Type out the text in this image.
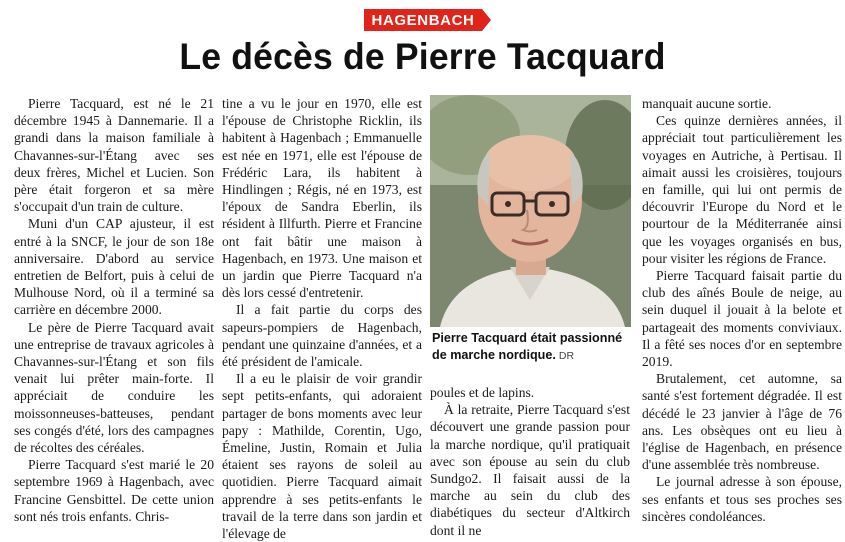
HAGENBACH
Le décès de Pierre Tacquard

Pierre Tacquard, est né le 21 décembre 1945 à Dannemarie. Il a grandi dans la maison familiale à Chavannes-sur-l'Étang avec ses deux frères, Michel et Lucien. Son père était forgeron et sa mère s'occupait d'un train de culture.

Muni d'un CAP ajusteur, il est entré à la SNCF, le jour de son 18e anniversaire. D'abord au service entretien de Belfort, puis à celui de Mulhouse Nord, où il a terminé sa carrière en décembre 2000.

Le père de Pierre Tacquard avait une entreprise de travaux agricoles à Chavannes-sur-l'Étang et son fils venait lui prêter main-forte. Il appréciait de conduire les moissonneuses-batteuses, pendant ses congés d'été, lors des campagnes de récoltes des céréales.

Pierre Tacquard s'est marié le 20 septembre 1969 à Hagenbach, avec Francine Gensbittel. De cette union sont nés trois enfants. Chris-

tine a vu le jour en 1970, elle est l'épouse de Christophe Ricklin, ils habitent à Hagenbach ; Emmanuelle est née en 1971, elle est l'épouse de Frédéric Lara, ils habitent à Hindlingen ; Régis, né en 1973, est l'époux de Sandra Eberlin, ils résident à Illfurth. Pierre et Francine ont fait bâtir une maison à Hagenbach, en 1973. Une maison et un jardin que Pierre Tacquard n'a dès lors cessé d'entretenir.

Il a fait partie du corps des sapeurs-pompiers de Hagenbach, pendant une quinzaine d'années, et a été président de l'amicale.

Il a eu le plaisir de voir grandir sept petits-enfants, qui adoraient partager de bons moments avec leur papy : Mathilde, Corentin, Ugo, Émeline, Justin, Romain et Julia étaient ses rayons de soleil au quotidien. Pierre Tacquard aimait apprendre à ses petits-enfants le travail de la terre dans son jardin et l'élevage de

Pierre Tacquard était passionné de marche nordique. DR

poules et de lapins.

À la retraite, Pierre Tacquard s'est découvert une grande passion pour la marche nordique, qu'il pratiquait avec son épouse au sein du club Sundgo2. Il faisait aussi de la marche au sein du club des diabétiques du secteur d'Altkirch dont il ne

manquait aucune sortie.

Ces quinze dernières années, il appréciait tout particulièrement les voyages en Autriche, à Pertisau. Il aimait aussi les croisières, toujours en famille, qui lui ont permis de découvrir l'Europe du Nord et le pourtour de la Méditerranée ainsi que les voyages organisés en bus, pour visiter les régions de France.

Pierre Tacquard faisait partie du club des aînés Boule de neige, au sein duquel il jouait à la belote et partageait des moments conviviaux. Il a fêté ses noces d'or en septembre 2019.

Brutalement, cet automne, sa santé s'est fortement dégradée. Il est décédé le 23 janvier à l'âge de 76 ans. Les obsèques ont eu lieu à l'église de Hagenbach, en présence d'une assemblée très nombreuse.

Le journal adresse à son épouse, ses enfants et tous ses proches ses sincères condoléances.
